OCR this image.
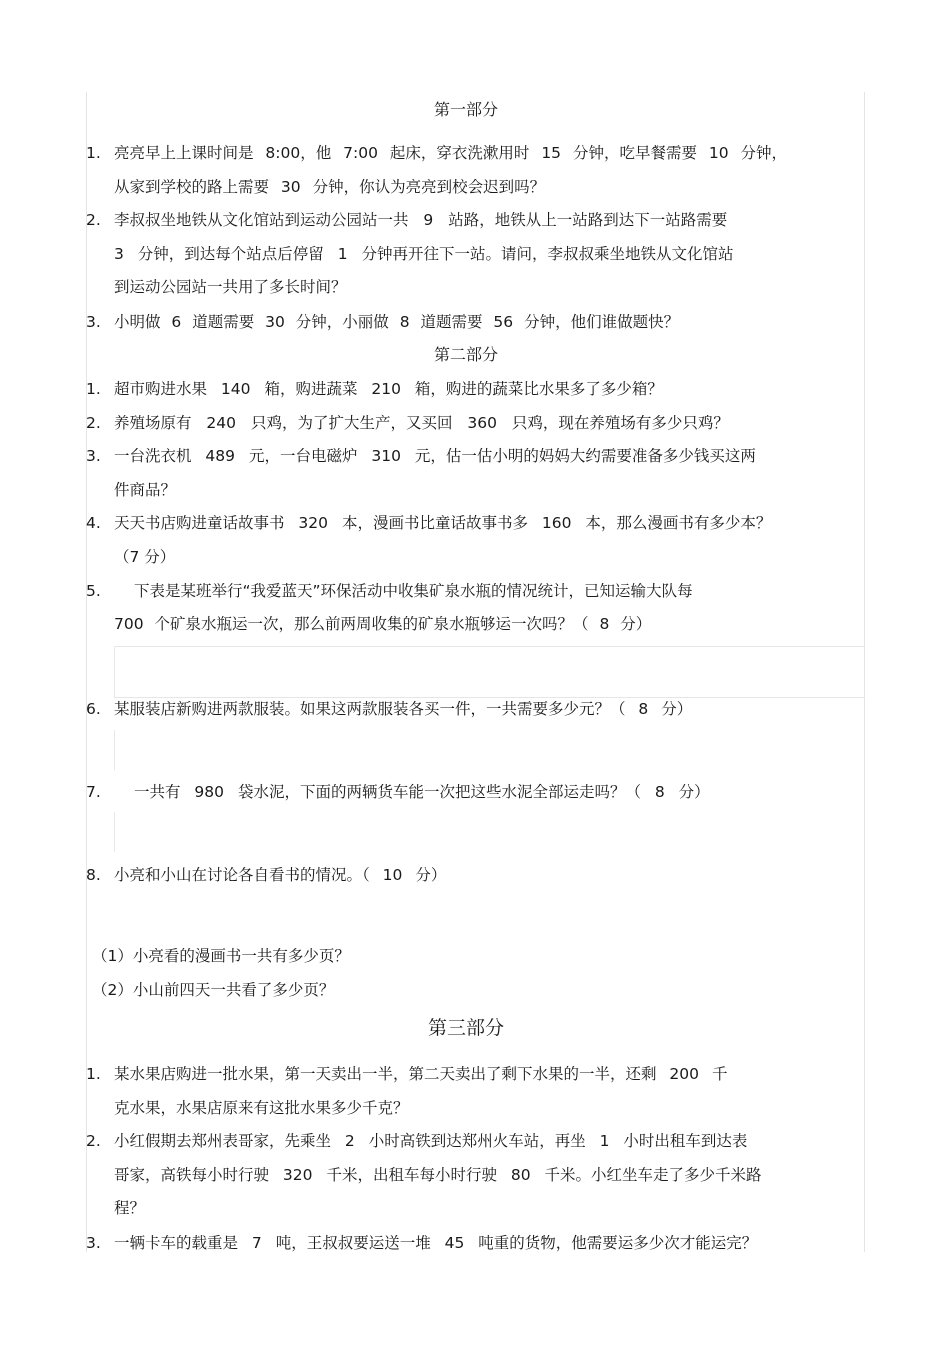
第一部分
1. 亮亮早上上课时间是 8:00，他 7:00 起床，穿衣洗漱用时 15 分钟，吃早餐需要 10 分钟，
从家到学校的路上需要 30 分钟，你认为亮亮到校会迟到吗？
2. 李叔叔坐地铁从文化馆站到运动公园站一共 9 站路，地铁从上一站路到达下一站路需要
3 分钟，到达每个站点后停留 1 分钟再开往下一站。请问，李叔叔乘坐地铁从文化馆站
到运动公园站一共用了多长时间？
3. 小明做 6 道题需要 30 分钟，小丽做 8 道题需要 56 分钟，他们谁做题快？
第二部分
1. 超市购进水果 140 箱，购进蔬菜 210 箱，购进的蔬菜比水果多了多少箱？
2. 养殖场原有 240 只鸡，为了扩大生产，又买回 360 只鸡，现在养殖场有多少只鸡？
3. 一台洗衣机 489 元，一台电磁炉 310 元，估一估小明的妈妈大约需要准备多少钱买这两
件商品？
4. 天天书店购进童话故事书 320 本，漫画书比童话故事书多 160 本，那么漫画书有多少本？
（7 分）
5. 下表是某班举行“我爱蓝天”环保活动中收集矿泉水瓶的情况统计，已知运输大队每
700 个矿泉水瓶运一次，那么前两周收集的矿泉水瓶够运一次吗？（ 8 分）
6. 某服装店新购进两款服装。如果这两款服装各买一件，一共需要多少元？（ 8 分）
7. 一共有 980 袋水泥，下面的两辆货车能一次把这些水泥全部运走吗？（ 8 分）
8. 小亮和小山在讨论各自看书的情况。（ 10 分）
（1）小亮看的漫画书一共有多少页？
（2）小山前四天一共看了多少页？
第三部分
1. 某水果店购进一批水果，第一天卖出一半，第二天卖出了剩下水果的一半，还剩 200 千
克水果，水果店原来有这批水果多少千克？
2. 小红假期去郑州表哥家，先乘坐 2 小时高铁到达郑州火车站，再坐 1 小时出租车到达表
哥家，高铁每小时行驶 320 千米，出租车每小时行驶 80 千米。小红坐车走了多少千米路
程？
3. 一辆卡车的载重是 7 吨，王叔叔要运送一堆 45 吨重的货物，他需要运多少次才能运完？
